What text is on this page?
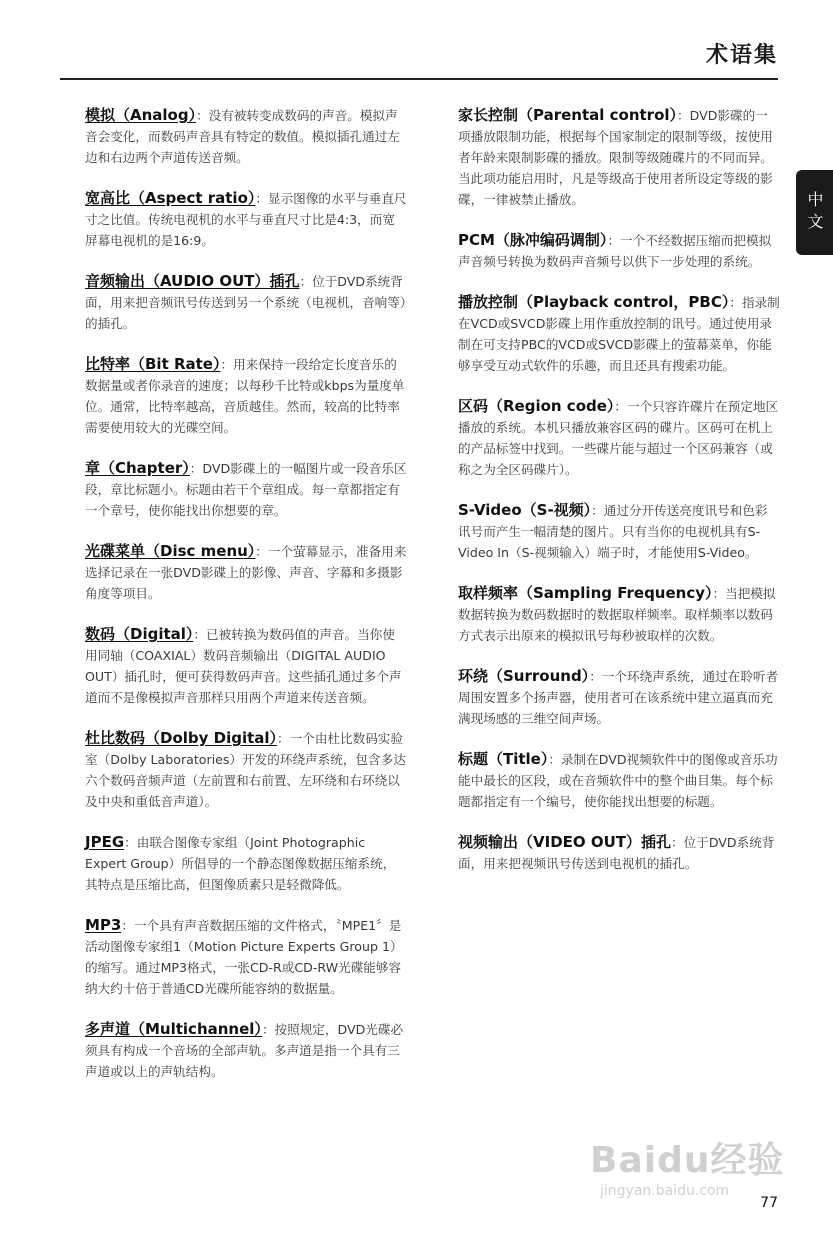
术语集
中文
模拟（Analog）：没有被转变成数码的声音。模拟声音会变化，而数码声音具有特定的数值。模拟插孔通过左边和右边两个声道传送音频。
宽高比（Aspect ratio）：显示图像的水平与垂直尺寸之比值。传统电视机的水平与垂直尺寸比是4:3，而宽屏幕电视机的是16:9。
音频输出（AUDIO OUT）插孔：位于DVD系统背面，用来把音频讯号传送到另一个系统（电视机，音响等）的插孔。
比特率（Bit Rate）：用来保持一段给定长度音乐的数据量或者你录音的速度；以每秒千比特或kbps为量度单位。通常，比特率越高，音质越佳。然而，较高的比特率需要使用较大的光碟空间。
章（Chapter）：DVD影碟上的一幅图片或一段音乐区段，章比标题小。标题由若干个章组成。每一章都指定有一个章号，使你能找出你想要的章。
光碟菜单（Disc menu）：一个萤幕显示，准备用来选择记录在一张DVD影碟上的影像、声音、字幕和多摄影角度等项目。
数码（Digital）：已被转换为数码值的声音。当你使用同轴（COAXIAL）数码音频输出（DIGITAL AUDIO OUT）插孔时，便可获得数码声音。这些插孔通过多个声道而不是像模拟声音那样只用两个声道来传送音频。
杜比数码（Dolby Digital）：一个由杜比数码实验室（Dolby Laboratories）开发的环绕声系统，包含多达六个数码音频声道（左前置和右前置、左环绕和右环绕以及中央和重低音声道）。
JPEG：由联合图像专家组（Joint Photographic Expert Group）所倡导的一个静态图像数据压缩系统，其特点是压缩比高，但图像质素只是轻微降低。
MP3：一个具有声音数据压缩的文件格式，〝MPE1〞是活动图像专家组1（Motion Picture Experts Group 1）的缩写。通过MP3格式，一张CD-R或CD-RW光碟能够容纳大约十倍于普通CD光碟所能容纳的数据量。
多声道（Multichannel）：按照规定，DVD光碟必须具有构成一个音场的全部声轨。多声道是指一个具有三声道或以上的声轨结构。
家长控制（Parental control）：DVD影碟的一项播放限制功能，根据每个国家制定的限制等级，按使用者年龄来限制影碟的播放。限制等级随碟片的不同而异。当此项功能启用时，凡是等级高于使用者所设定等级的影碟，一律被禁止播放。
PCM（脉冲编码调制）：一个不经数据压缩而把模拟声音频号转换为数码声音频号以供下一步处理的系统。
播放控制（Playback control，PBC）：指录制在VCD或SVCD影碟上用作重放控制的讯号。通过使用录制在可支持PBC的VCD或SVCD影碟上的萤幕菜单，你能够享受互动式软件的乐趣，而且还具有搜索功能。
区码（Region code）：一个只容许碟片在预定地区播放的系统。本机只播放兼容区码的碟片。区码可在机上的产品标签中找到。一些碟片能与超过一个区码兼容（或称之为全区码碟片）。
S-Video（S-视频）：通过分开传送亮度讯号和色彩讯号而产生一幅清楚的图片。只有当你的电视机具有S-Video In（S-视频输入）端子时，才能使用S-Video。
取样频率（Sampling Frequency）：当把模拟数据转换为数码数据时的数据取样频率。取样频率以数码方式表示出原来的模拟讯号每秒被取样的次数。
环绕（Surround）：一个环绕声系统，通过在聆听者周围安置多个扬声器，使用者可在该系统中建立逼真而充满现场感的三维空间声场。
标题（Title）：录制在DVD视频软件中的图像或音乐功能中最长的区段，或在音频软件中的整个曲目集。每个标题都指定有一个编号，使你能找出想要的标题。
视频输出（VIDEO OUT）插孔：位于DVD系统背面，用来把视频讯号传送到电视机的插孔。
Baidu经验
jingyan.baidu.com
77
